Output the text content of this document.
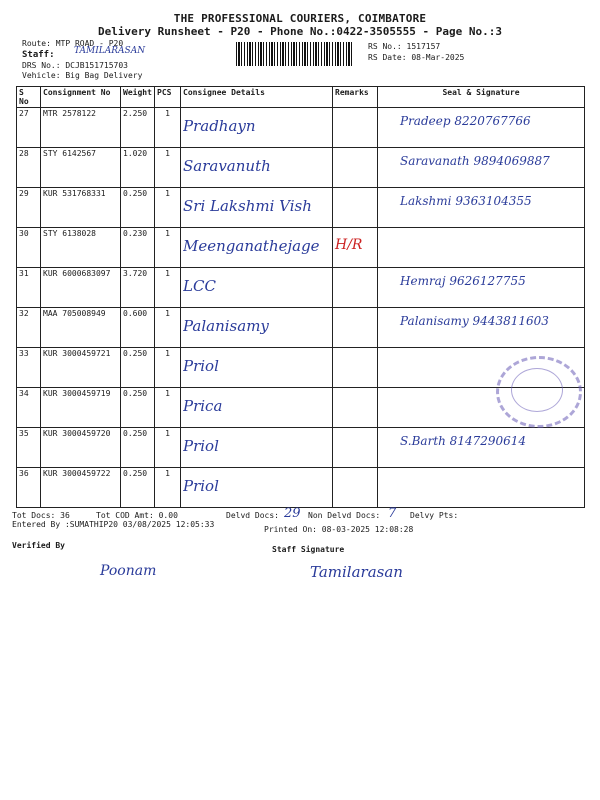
THE PROFESSIONAL COURIERS, COIMBATORE
Delivery Runsheet - P20 - Phone No.:0422-3505555 - Page No.:3
Route: MTP ROAD - P20
Staff: TAMILARASAN
DRS No.: DCJB151715703
Vehicle: Big Bag Delivery
RS No.: 1517157
RS Date: 08-Mar-2025
S No	Consignment No	Weight	PCS	Consignee Details	Remarks	Seal & Signature
27	MTR 2578122	2.250	1	Pradhayn		Pradeep 8220767766

28	STY 6142567	1.020	1	Saravanuth		Saravanath 9894069887

29	KUR 531768331	0.250	1	Sri Lakshmi Vish		Lakshmi 9363104355

30	STY 6138028	0.230	1	Meenganathejage	H/R	

31	KUR 6000683097	3.720	1	LCC		Hemraj 9626127755

32	MAA 705008949	0.600	1	Palanisamy		Palanisamy 9443811603

33	KUR 3000459721	0.250	1	Priol		

34	KUR 3000459719	0.250	1	Prica		

35	KUR 3000459720	0.250	1	Priol		S.Barth 8147290614

36	KUR 3000459722	0.250	1	Priol		

Tot Docs: 36	Tot COD Amt: 0.00	Delvd Docs: 29 Non Delvd Docs: 7 Delvy Pts:
Entered By :SUMATHIP20 03/08/2025 12:05:33
Printed On: 08-03-2025 12:08:28
Verified By	Staff Signature
Poonam	Tamilarasan
